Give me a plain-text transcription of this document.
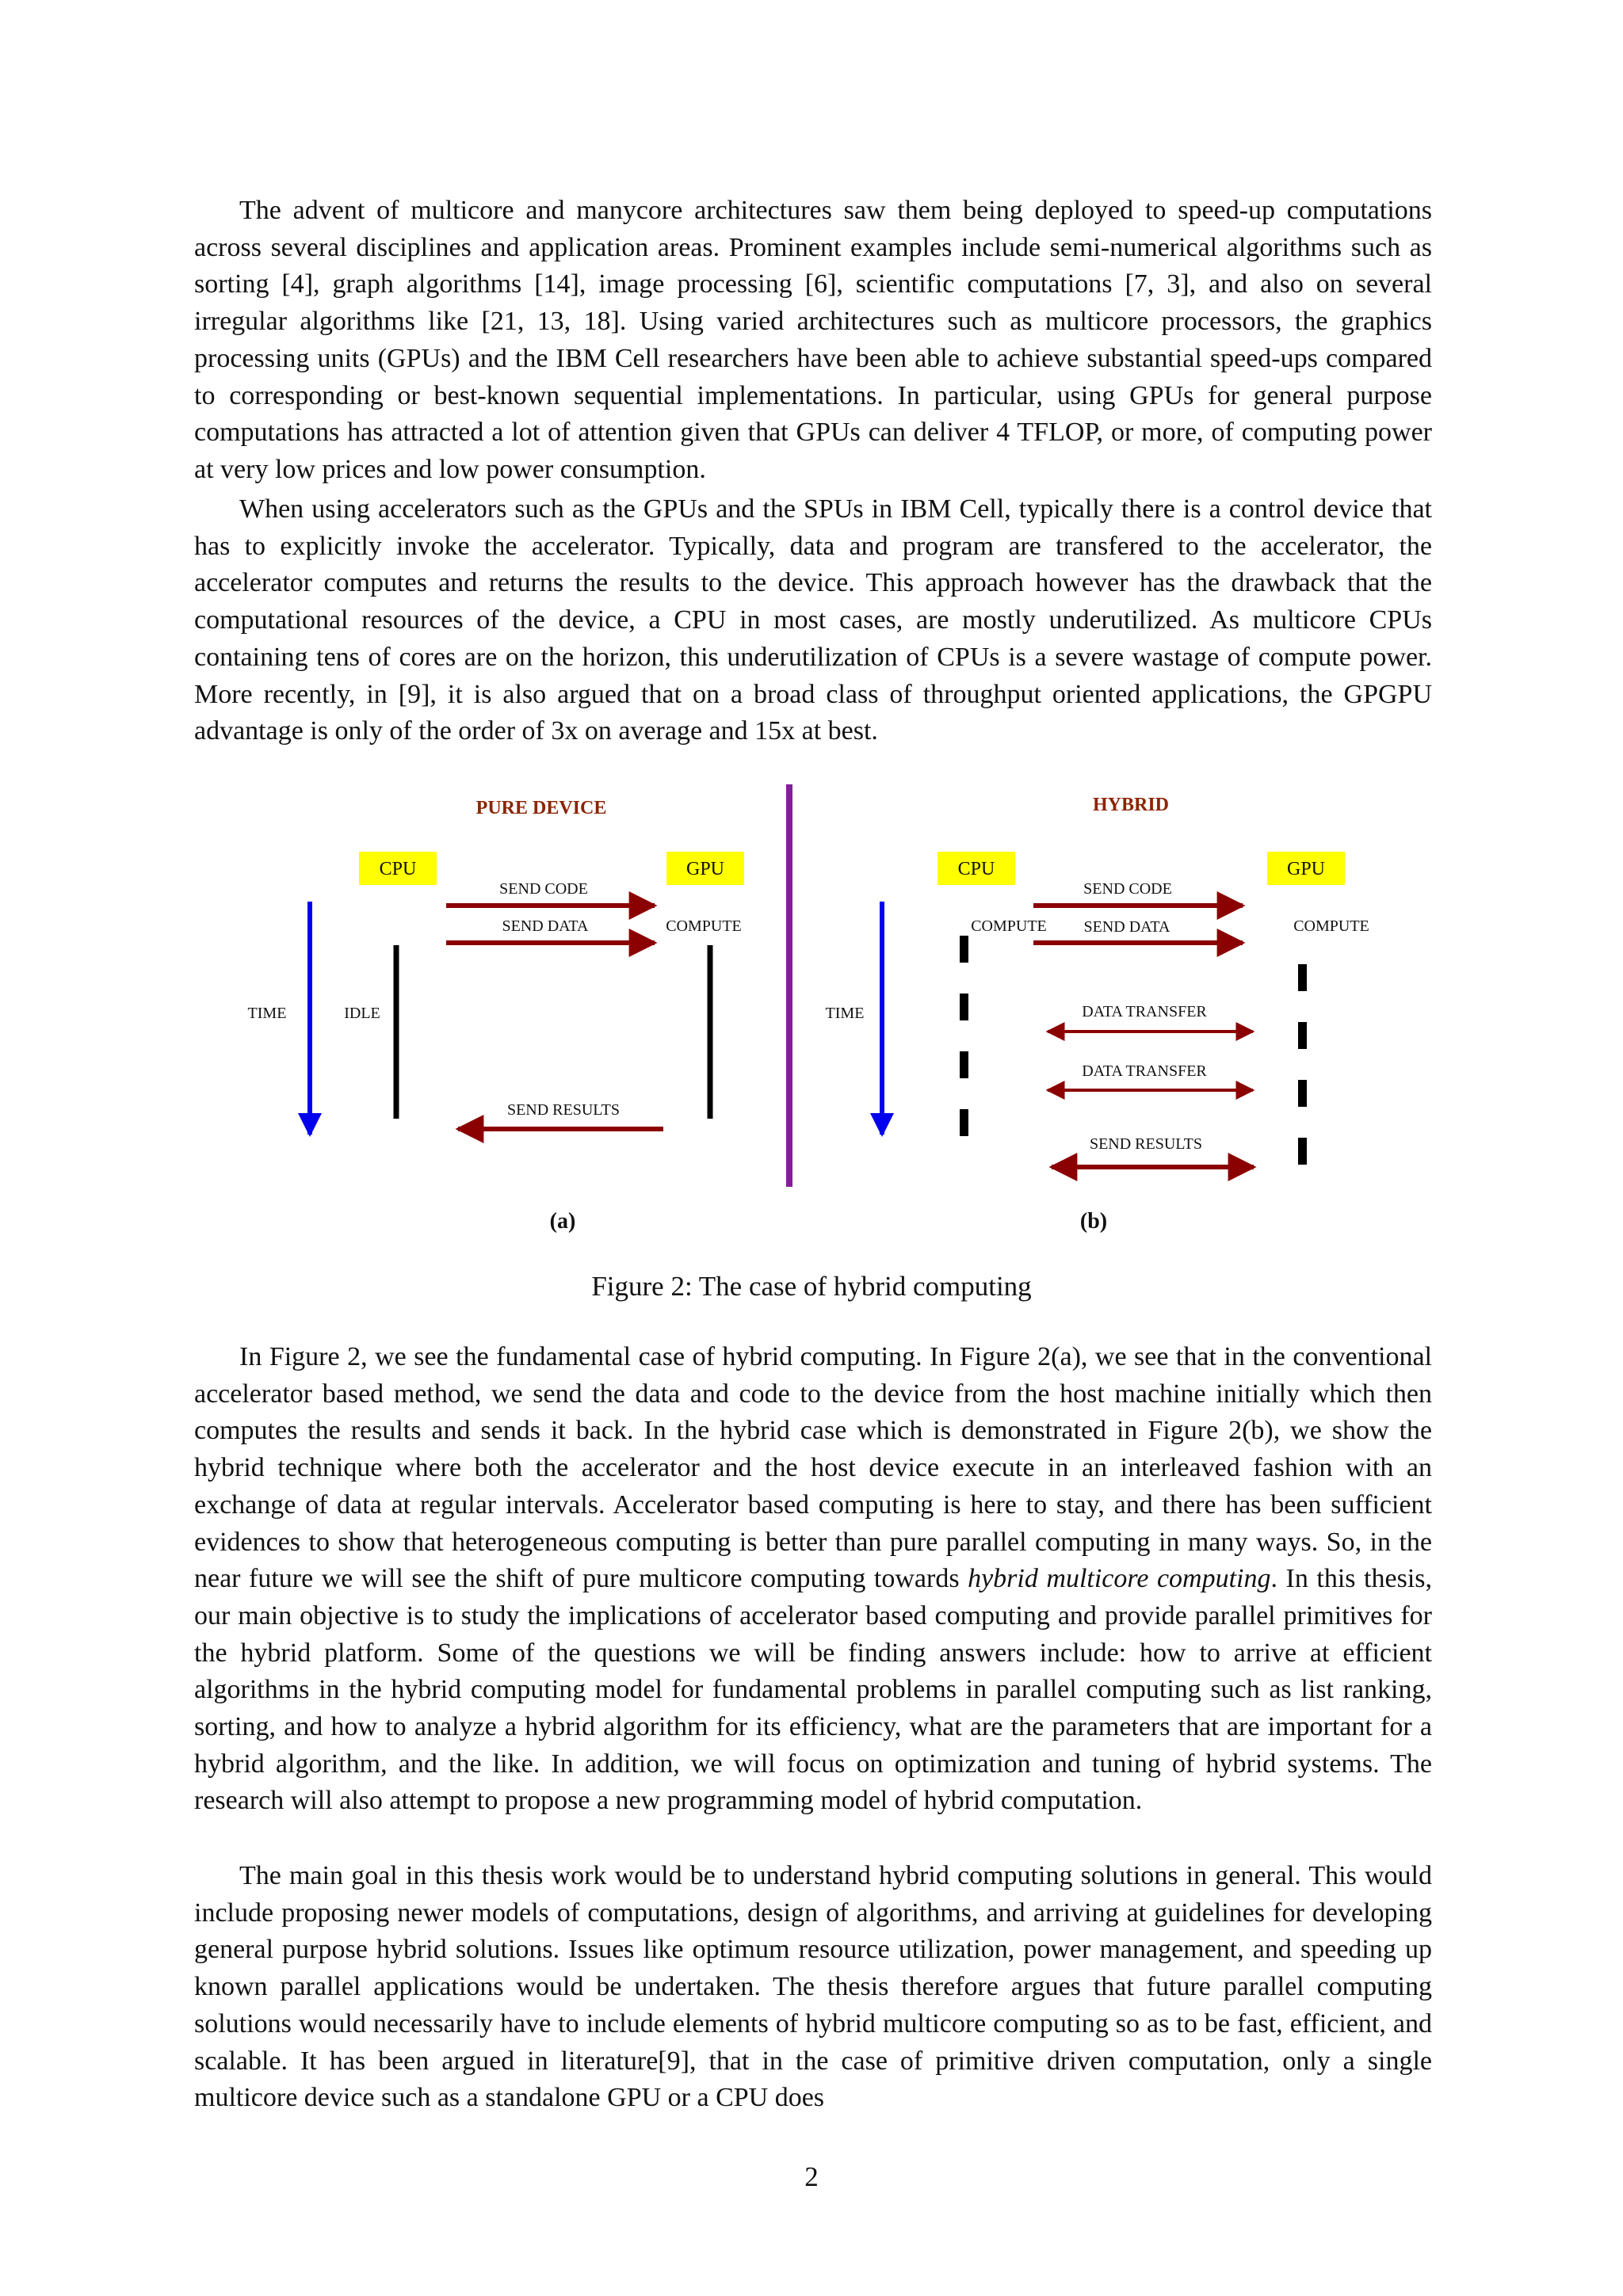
The advent of multicore and manycore architectures saw them being deployed to speed-up computations across several disciplines and application areas. Prominent examples include semi-numerical algorithms such as sorting [4], graph algorithms [14], image processing [6], scientific computations [7, 3], and also on several irregular algorithms like [21, 13, 18]. Using varied architectures such as multicore processors, the graphics processing units (GPUs) and the IBM Cell researchers have been able to achieve substantial speed-ups compared to corresponding or best-known sequential implementations. In particular, using GPUs for general purpose computations has attracted a lot of attention given that GPUs can deliver 4 TFLOP, or more, of computing power at very low prices and low power consumption.

When using accelerators such as the GPUs and the SPUs in IBM Cell, typically there is a control device that has to explicitly invoke the accelerator. Typically, data and program are transfered to the accelerator, the accelerator computes and returns the results to the device. This approach however has the drawback that the computational resources of the device, a CPU in most cases, are mostly underutilized. As multicore CPUs containing tens of cores are on the horizon, this underutilization of CPUs is a severe wastage of compute power. More recently, in [9], it is also argued that on a broad class of throughput oriented applications, the GPGPU advantage is only of the order of 3x on average and 15x at best.

PURE DEVICE
CPU	GPU
SEND CODE
SEND DATA	COMPUTE
TIME	IDLE
SEND RESULTS
(a)
HYBRID
CPU	GPU
SEND CODE
COMPUTE SEND DATA	COMPUTE
TIME	DATA TRANSFER
DATA TRANSFER
SEND RESULTS
(b)
Figure 2: The case of hybrid computing

In Figure 2, we see the fundamental case of hybrid computing. In Figure 2(a), we see that in the conventional accelerator based method, we send the data and code to the device from the host machine initially which then computes the results and sends it back. In the hybrid case which is demonstrated in Figure 2(b), we show the hybrid technique where both the accelerator and the host device execute in an interleaved fashion with an exchange of data at regular intervals. Accelerator based computing is here to stay, and there has been sufficient evidences to show that heterogeneous computing is better than pure parallel computing in many ways. So, in the near future we will see the shift of pure multicore computing towards hybrid multicore computing. In this thesis, our main objective is to study the implications of accelerator based computing and provide parallel primitives for the hybrid platform. Some of the questions we will be finding answers include: how to arrive at efficient algorithms in the hybrid computing model for fundamental problems in parallel computing such as list ranking, sorting, and how to analyze a hybrid algorithm for its efficiency, what are the parameters that are important for a hybrid algorithm, and the like. In addition, we will focus on optimization and tuning of hybrid systems. The research will also attempt to propose a new programming model of hybrid computation.

The main goal in this thesis work would be to understand hybrid computing solutions in general. This would include proposing newer models of computations, design of algorithms, and arriving at guidelines for developing general purpose hybrid solutions. Issues like optimum resource utilization, power management, and speeding up known parallel applications would be undertaken. The thesis therefore argues that future parallel computing solutions would necessarily have to include elements of hybrid multicore computing so as to be fast, efficient, and scalable. It has been argued in literature[9], that in the case of primitive driven computation, only a single multicore device such as a standalone GPU or a CPU does

2
